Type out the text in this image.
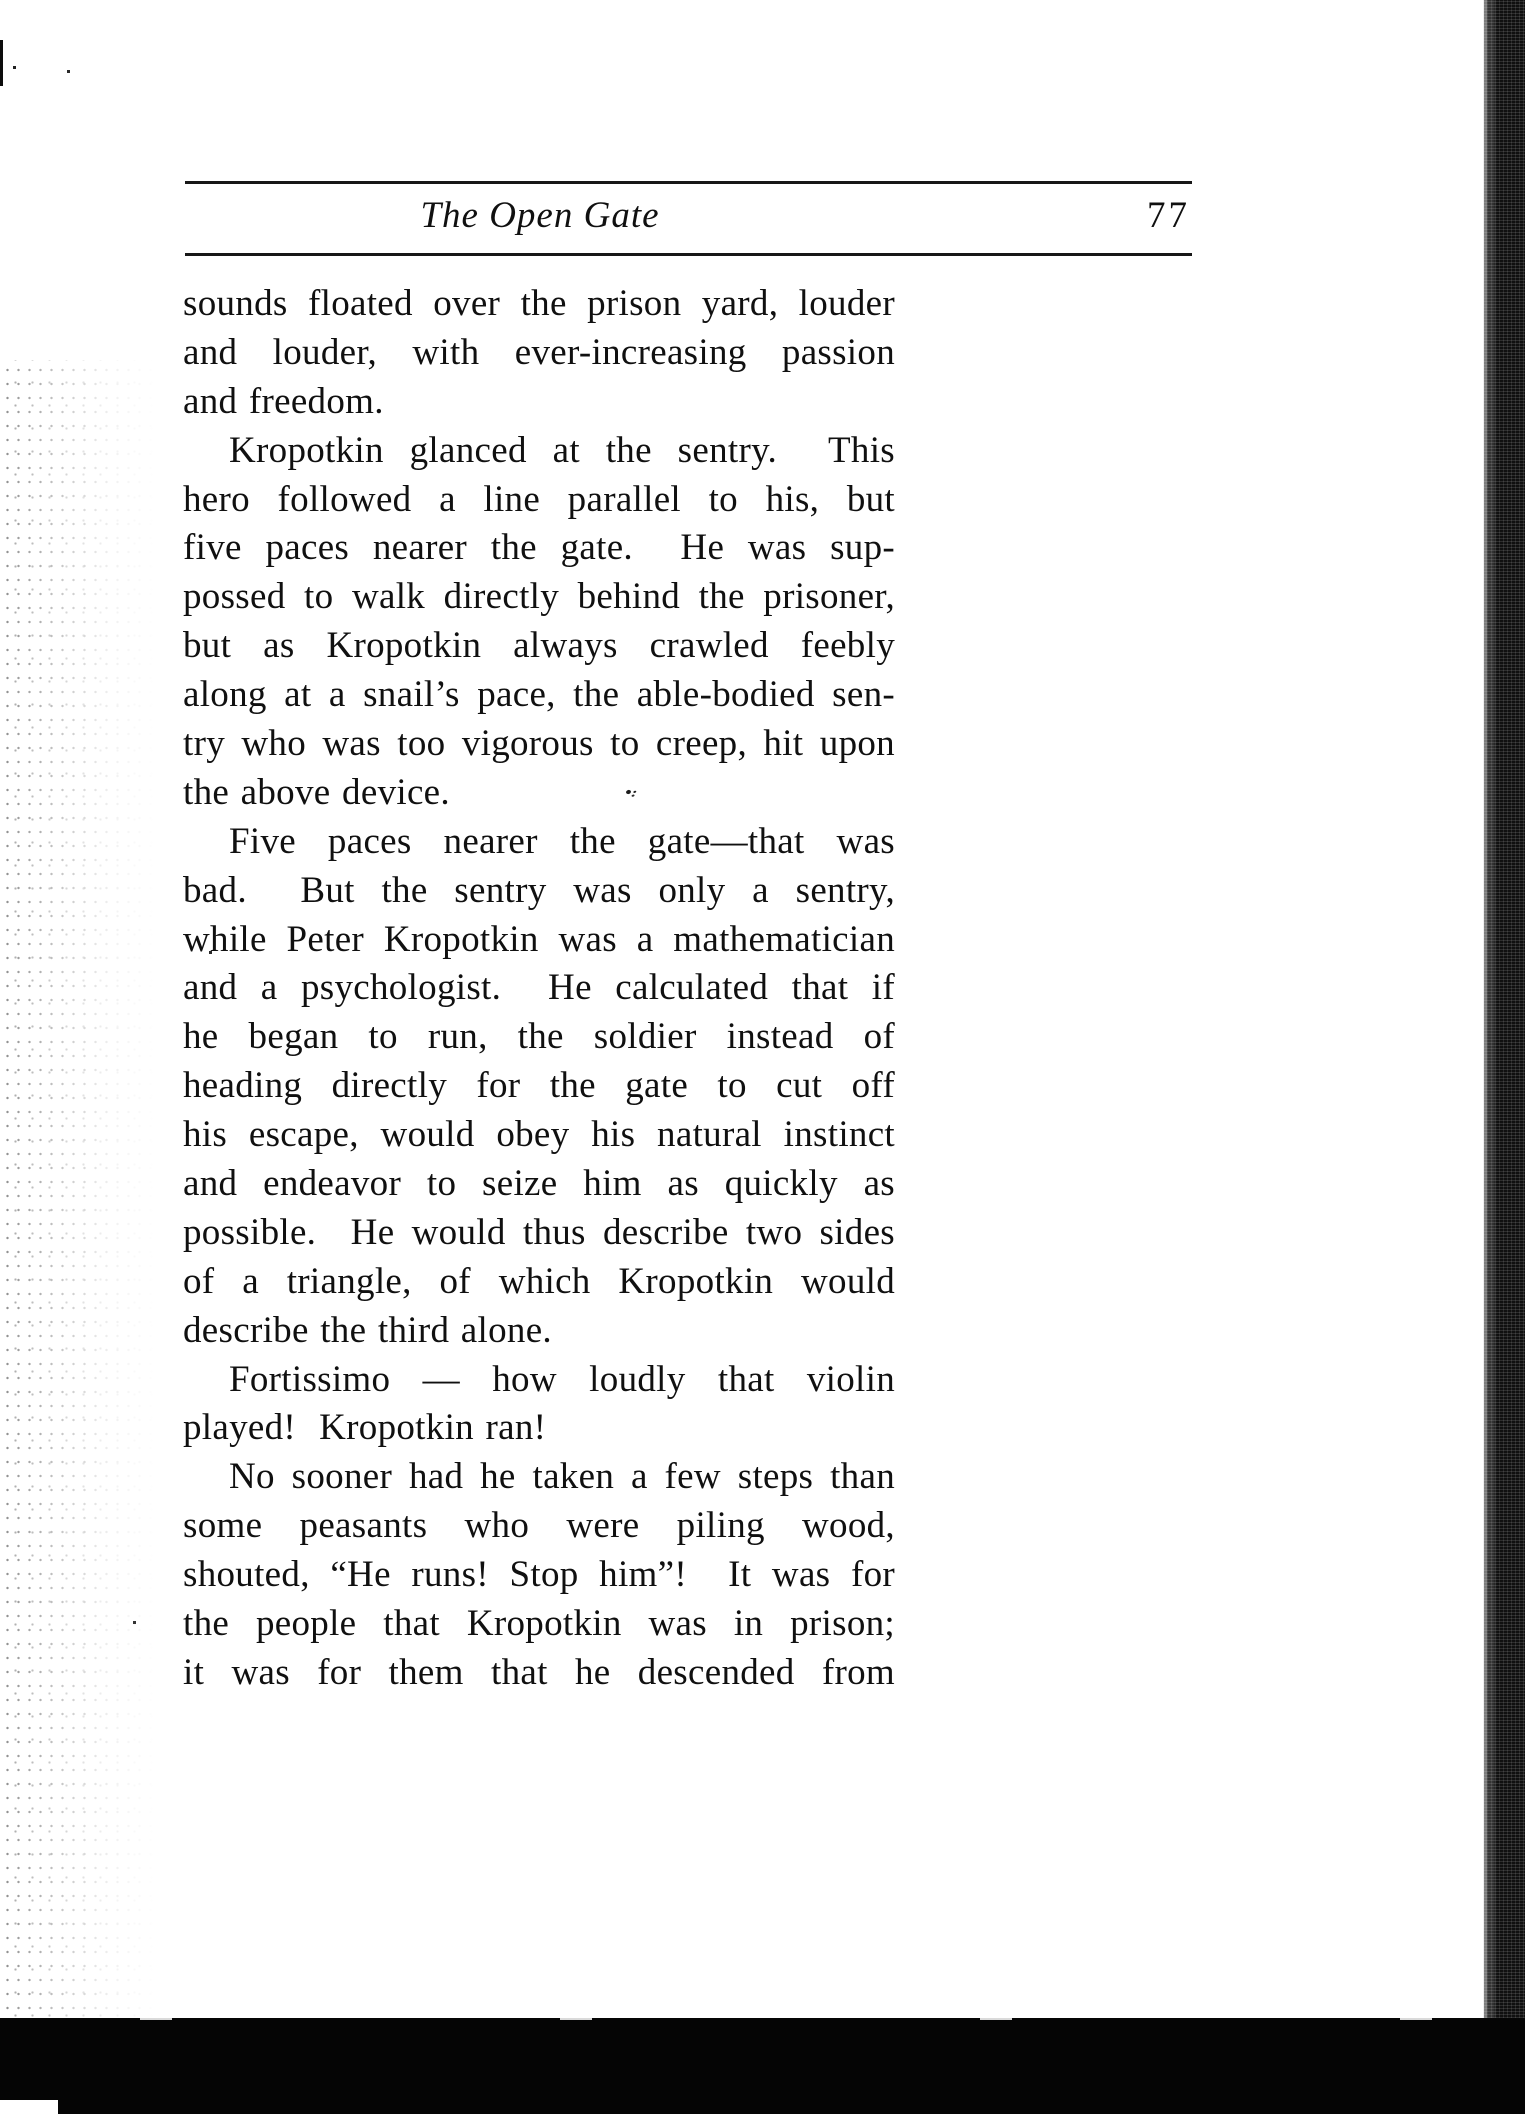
The Open Gate	77
sounds floated over the prison yard, louder
and louder, with ever-increasing passion
and freedom.
Kropotkin glanced at the sentry.  This
hero followed a line parallel to his, but
five paces nearer the gate.  He was sup-
possed to walk directly behind the prisoner,
but as Kropotkin always crawled feebly
along at a snail’s pace, the able-bodied sen-
try who was too vigorous to creep, hit upon
the above device.
Five paces nearer the gate—that was
bad.  But the sentry was only a sentry,
while Peter Kropotkin was a mathematician
and a psychologist.  He calculated that if
he began to run, the soldier instead of
heading directly for the gate to cut off
his escape, would obey his natural instinct
and endeavor to seize him as quickly as
possible.  He would thus describe two sides
of a triangle, of which Kropotkin would
describe the third alone.
Fortissimo — how loudly that violin
played!  Kropotkin ran!
No sooner had he taken a few steps than
some peasants who were piling wood,
shouted, “He runs! Stop him”!  It was for
the people that Kropotkin was in prison;
it was for them that he descended from
